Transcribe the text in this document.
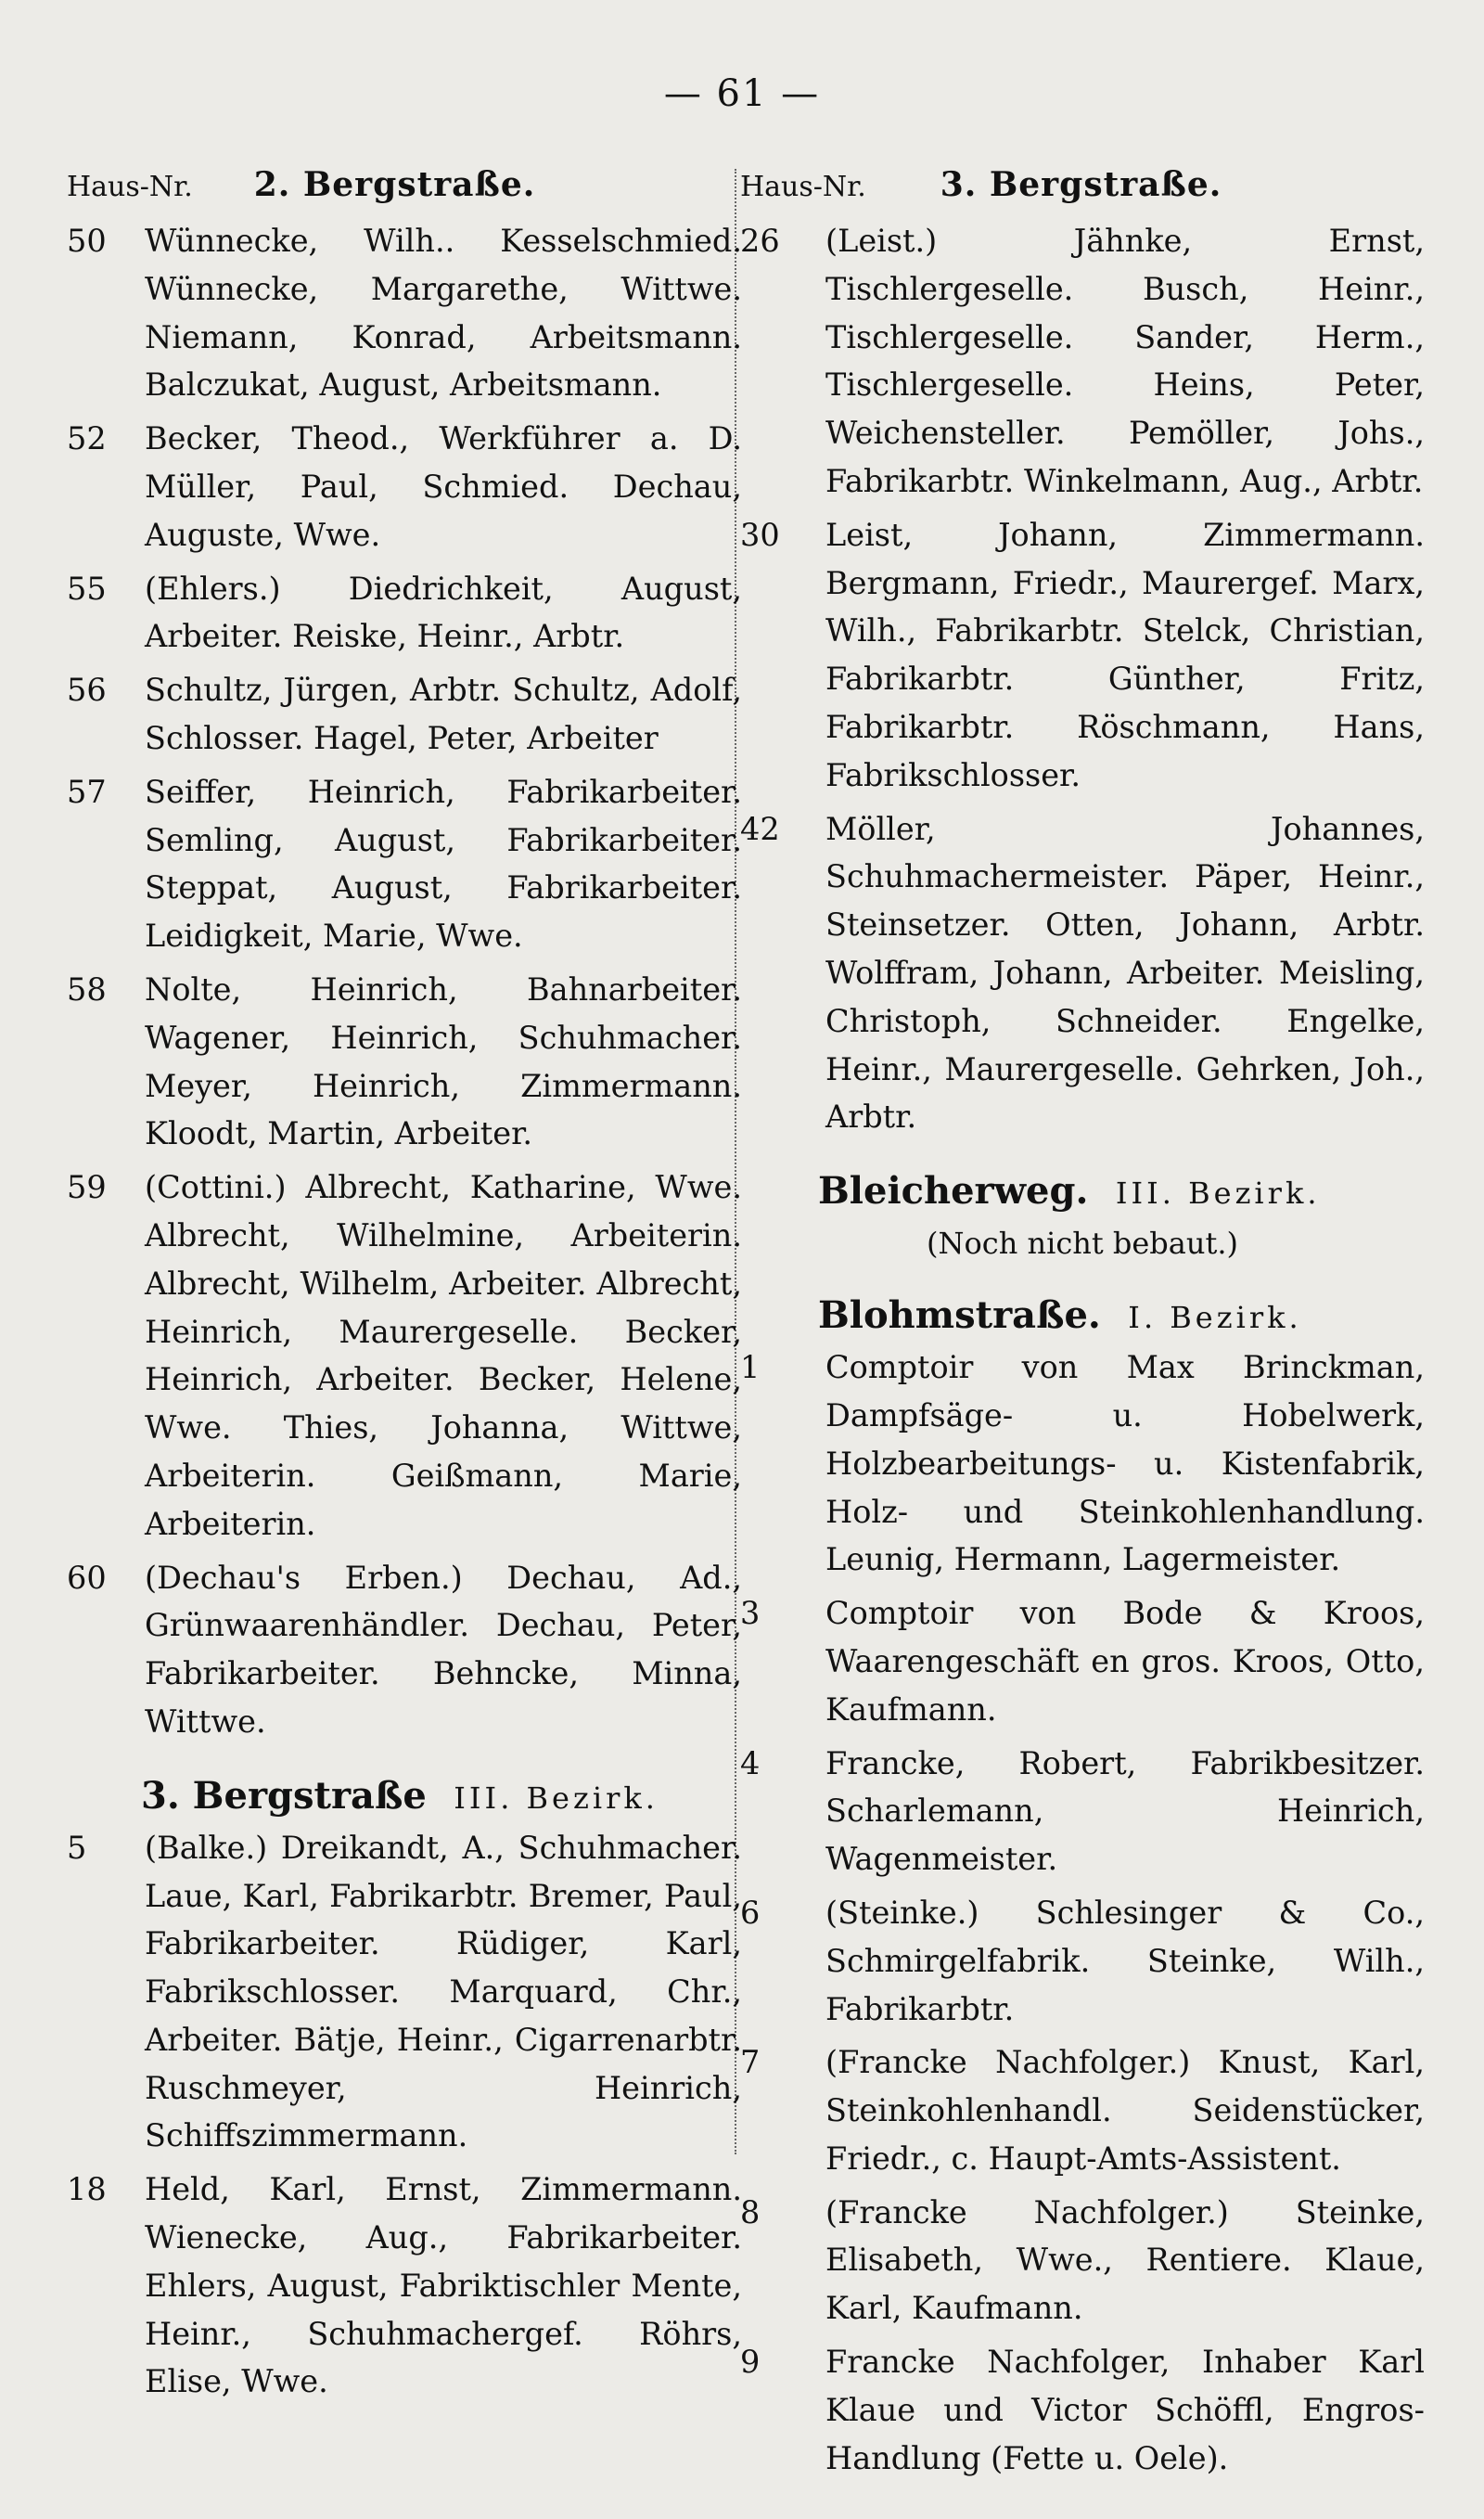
— 61 —
Haus-Nr. 2. Bergstraße.
50	Wünnecke, Wilh.. Kesselschmied. Wünnecke, Margarethe, Wittwe. Niemann, Konrad, Arbeitsmann. Balczukat, August, Arbeitsmann.
52	Becker, Theod., Werkführer a. D. Müller, Paul, Schmied. Dechau, Auguste, Wwe.
55	(Ehlers.) Diedrichkeit, August, Arbeiter. Reiske, Heinr., Arbtr.
56	Schultz, Jürgen, Arbtr. Schultz, Adolf, Schlosser. Hagel, Peter, Arbeiter
57	Seiffer, Heinrich, Fabrikarbeiter. Semling, August, Fabrikarbeiter. Steppat, August, Fabrikarbeiter. Leidigkeit, Marie, Wwe.
58	Nolte, Heinrich, Bahnarbeiter. Wagener, Heinrich, Schuhmacher. Meyer, Heinrich, Zimmermann. Kloodt, Martin, Arbeiter.
59	(Cottini.) Albrecht, Katharine, Wwe. Albrecht, Wilhelmine, Arbeiterin. Albrecht, Wilhelm, Arbeiter. Albrecht, Heinrich, Maurergeselle. Becker, Heinrich, Arbeiter. Becker, Helene, Wwe. Thies, Johanna, Wittwe, Arbeiterin. Geißmann, Marie, Arbeiterin.
60	(Dechau's Erben.) Dechau, Ad., Grünwaarenhändler. Dechau, Peter, Fabrikarbeiter. Behncke, Minna, Wittwe.
3. Bergstraße III. Bezirk.
5	(Balke.) Dreikandt, A., Schuhmacher. Laue, Karl, Fabrikarbtr. Bremer, Paul, Fabrikarbeiter. Rüdiger, Karl, Fabrikschlosser. Marquard, Chr., Arbeiter. Bätje, Heinr., Cigarrenarbtr. Ruschmeyer, Heinrich, Schiffszimmermann.
18	Held, Karl, Ernst, Zimmermann. Wienecke, Aug., Fabrikarbeiter. Ehlers, August, Fabriktischler Mente, Heinr., Schuhmachergef. Röhrs, Elise, Wwe.
Haus-Nr. 3. Bergstraße.
26	(Leist.) Jähnke, Ernst, Tischlergeselle. Busch, Heinr., Tischlergeselle. Sander, Herm., Tischlergeselle. Heins, Peter, Weichensteller. Pemöller, Johs., Fabrikarbtr. Winkelmann, Aug., Arbtr.
30	Leist, Johann, Zimmermann. Bergmann, Friedr., Maurergef. Marx, Wilh., Fabrikarbtr. Stelck, Christian, Fabrikarbtr. Günther, Fritz, Fabrikarbtr. Röschmann, Hans, Fabrikschlosser.
42	Möller, Johannes, Schuhmachermeister. Päper, Heinr., Steinsetzer. Otten, Johann, Arbtr. Wolffram, Johann, Arbeiter. Meisling, Christoph, Schneider. Engelke, Heinr., Maurergeselle. Gehrken, Joh., Arbtr.
Bleicherweg. III. Bezirk.
(Noch nicht bebaut.)
Blohmstraße. I. Bezirk.
1	Comptoir von Max Brinckman, Dampfsäge- u. Hobelwerk, Holzbearbeitungs- u. Kistenfabrik, Holz- und Steinkohlenhandlung. Leunig, Hermann, Lagermeister.
3	Comptoir von Bode & Kroos, Waarengeschäft en gros. Kroos, Otto, Kaufmann.
4	Francke, Robert, Fabrikbesitzer. Scharlemann, Heinrich, Wagenmeister.
6	(Steinke.) Schlesinger & Co., Schmirgelfabrik. Steinke, Wilh., Fabrikarbtr.
7	(Francke Nachfolger.) Knust, Karl, Steinkohlenhandl. Seidenstücker, Friedr., c. Haupt-Amts-Assistent.
8	(Francke Nachfolger.) Steinke, Elisabeth, Wwe., Rentiere. Klaue, Karl, Kaufmann.
9	Francke Nachfolger, Inhaber Karl Klaue und Victor Schöffl, Engros-Handlung (Fette u. Oele).
